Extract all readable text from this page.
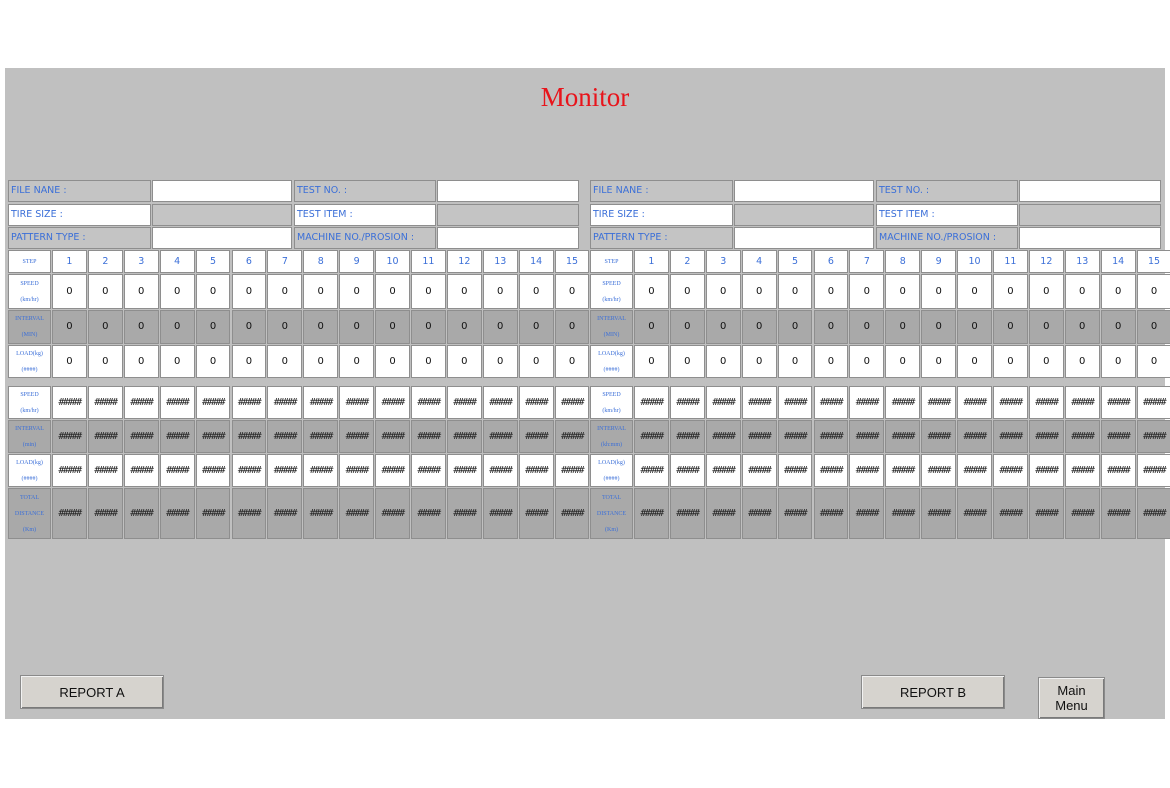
Monitor
FILE NANE :	TEST NO. :
TIRE SIZE :	TEST ITEM :
PATTERN TYPE :	MACHINE NO./PROSION :
STEP	1	2	3	4	5	6	7	8	9	10	11	12	13	14	15
SPEED

(km/hr)
0	0	0	0	0	0	0	0	0	0	0	0	0	0	0
INTERVAL

(MIN)
0	0	0	0	0	0	0	0	0	0	0	0	0	0	0
LOAD(kg)

(####)
0	0	0	0	0	0	0	0	0	0	0	0	0	0	0
SPEED

(km/hr)
#####	#####	#####	#####	#####	#####	#####	#####	#####	#####	#####	#####	#####	#####	#####
INTERVAL

(min)
#####	#####	#####	#####	#####	#####	#####	#####	#####	#####	#####	#####	#####	#####	#####
LOAD(kg)

(####)
#####	#####	#####	#####	#####	#####	#####	#####	#####	#####	#####	#####	#####	#####	#####
TOTAL

DISTANCE

(Km)
#####	#####	#####	#####	#####	#####	#####	#####	#####	#####	#####	#####	#####	#####	#####
FILE NANE :	TEST NO. :
TIRE SIZE :	TEST ITEM :
PATTERN TYPE :	MACHINE NO./PROSION :
STEP	1	2	3	4	5	6	7	8	9	10	11	12	13	14	15
SPEED

(km/hr)
0	0	0	0	0	0	0	0	0	0	0	0	0	0	0
INTERVAL

(MIN)
0	0	0	0	0	0	0	0	0	0	0	0	0	0	0
LOAD(kg)

(####)
0	0	0	0	0	0	0	0	0	0	0	0	0	0	0
SPEED

(km/hr)
#####	#####	#####	#####	#####	#####	#####	#####	#####	#####	#####	#####	#####	#####	#####
INTERVAL

(kh:mm)
#####	#####	#####	#####	#####	#####	#####	#####	#####	#####	#####	#####	#####	#####	#####
LOAD(kg)

(####)
#####	#####	#####	#####	#####	#####	#####	#####	#####	#####	#####	#####	#####	#####	#####
TOTAL

DISTANCE

(Km)
#####	#####	#####	#####	#####	#####	#####	#####	#####	#####	#####	#####	#####	#####	#####
REPORT A	REPORT B	Main
Menu
